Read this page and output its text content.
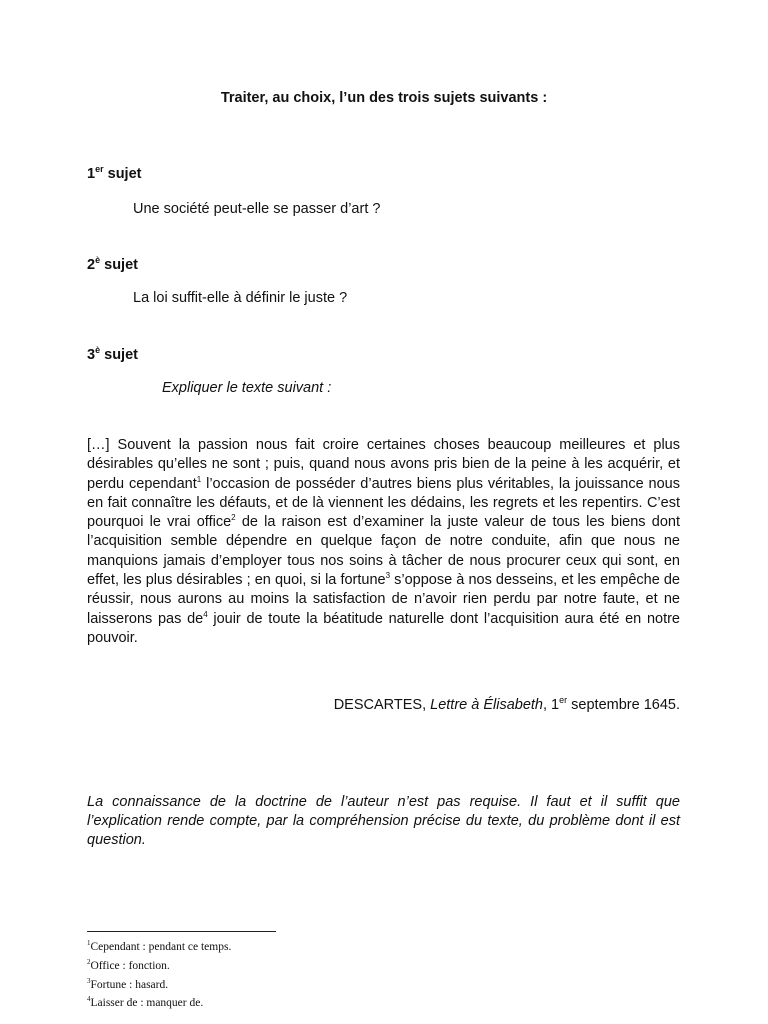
Traiter, au choix, l’un des trois sujets suivants :
1er sujet
Une société peut-elle se passer d’art ?
$2^è$ sujet
La loi suffit-elle à définir le juste ?
$3^è$ sujet
Expliquer le texte suivant :
[…] Souvent la passion nous fait croire certaines choses beaucoup meilleures et plus désirables qu’elles ne sont ; puis, quand nous avons pris bien de la peine à les acquérir, et perdu cependant$^1$ l’occasion de posséder d’autres biens plus véritables, la jouissance nous en fait connaître les défauts, et de là viennent les dédains, les regrets et les repentirs. C’est pourquoi le vrai office$^2$ de la raison est d’examiner la juste valeur de tous les biens dont l’acquisition semble dépendre en quelque façon de notre conduite, afin que nous ne manquions jamais d’employer tous nos soins à tâcher de nous procurer ceux qui sont, en effet, les plus désirables ; en quoi, si la fortune$^3$ s’oppose à nos desseins, et les empêche de réussir, nous aurons au moins la satisfaction de n’avoir rien perdu par notre faute, et ne laisserons pas $de^4$ jouir de toute la béatitude naturelle dont l’acquisition aura été en notre pouvoir.
DESCARTES, Lettre à Élisabeth, 1er septembre 1645.
La connaissance de la doctrine de l’auteur n’est pas requise. Il faut et il suffit que l’explication rende compte, par la compréhension précise du texte, du problème dont il est question.
$^1$Cependant : pendant ce temps.
$^2$Office : fonction.
$^3$Fortune : hasard.
$^4$Laisser de : manquer de.
